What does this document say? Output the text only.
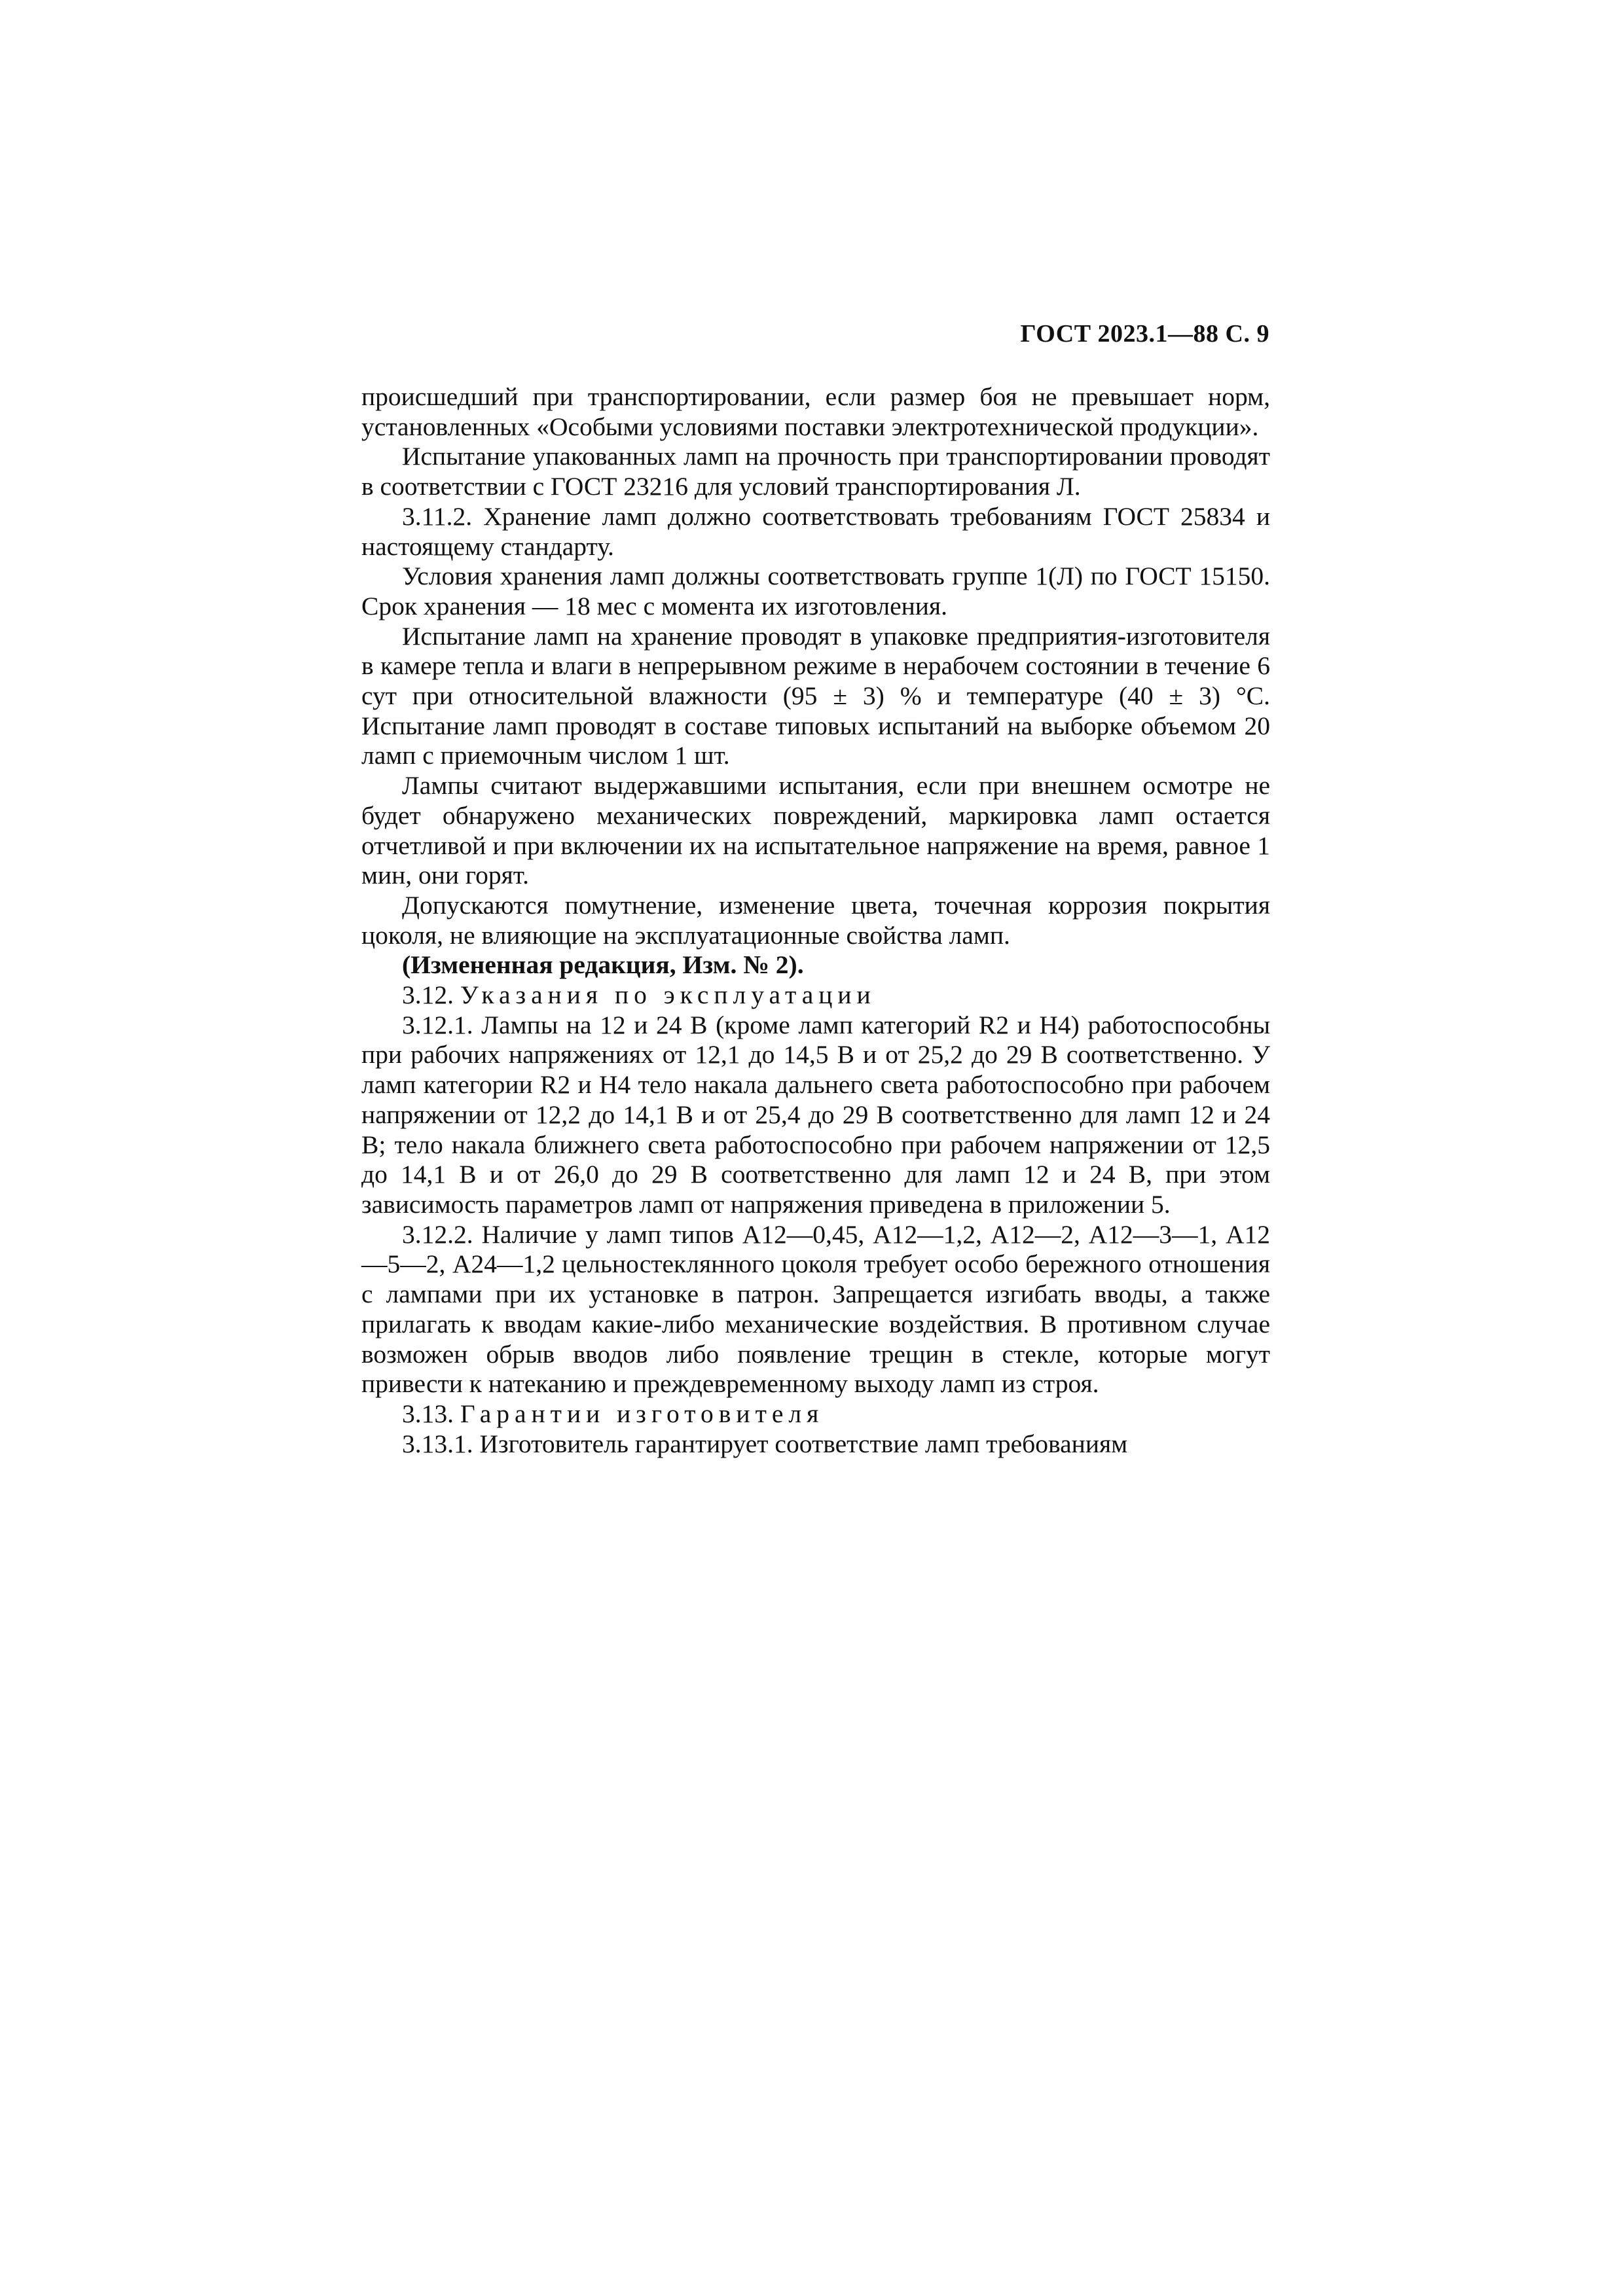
ГОСТ 2023.1—88 С. 9

происшедший при транспортировании, если размер боя не превышает норм, установленных «Особыми условиями поставки электротехнической продукции».

Испытание упакованных ламп на прочность при транспортировании проводят в соответствии с ГОСТ 23216 для условий транспортирования Л.

3.11.2. Хранение ламп должно соответствовать требованиям ГОСТ 25834 и настоящему стандарту.

Условия хранения ламп должны соответствовать группе 1(Л) по ГОСТ 15150. Срок хранения — 18 мес с момента их изготовления.

Испытание ламп на хранение проводят в упаковке предприятия-изготовителя в камере тепла и влаги в непрерывном режиме в нерабочем состоянии в течение 6 сут при относительной влажности (95 ± 3) % и температуре (40 ± 3) °С. Испытание ламп проводят в составе типовых испытаний на выборке объемом 20 ламп с приемочным числом 1 шт.

Лампы считают выдержавшими испытания, если при внешнем осмотре не будет обнаружено механических повреждений, маркировка ламп остается отчетливой и при включении их на испытательное напряжение на время, равное 1 мин, они горят.

Допускаются помутнение, изменение цвета, точечная коррозия покрытия цоколя, не влияющие на эксплуатационные свойства ламп.

(Измененная редакция, Изм. № 2).

3.12. Указания по эксплуатации

3.12.1. Лампы на 12 и 24 В (кроме ламп категорий R2 и Н4) работоспособны при рабочих напряжениях от 12,1 до 14,5 В и от 25,2 до 29 В соответственно. У ламп категории R2 и Н4 тело накала дальнего света работоспособно при рабочем напряжении от 12,2 до 14,1 В и от 25,4 до 29 В соответственно для ламп 12 и 24 В; тело накала ближнего света работоспособно при рабочем напряжении от 12,5 до 14,1 В и от 26,0 до 29 В соответственно для ламп 12 и 24 В, при этом зависимость параметров ламп от напряжения приведена в приложении 5.

3.12.2. Наличие у ламп типов А12—0,45, А12—1,2, А12—2, А12—3—1, А12—5—2, А24—1,2 цельностеклянного цоколя требует особо бережного отношения с лампами при их установке в патрон. Запрещается изгибать вводы, а также прилагать к вводам какие-либо механические воздействия. В противном случае возможен обрыв вводов либо появление трещин в стекле, которые могут привести к натеканию и преждевременному выходу ламп из строя.

3.13. Гарантии изготовителя

3.13.1. Изготовитель гарантирует соответствие ламп требованиям
